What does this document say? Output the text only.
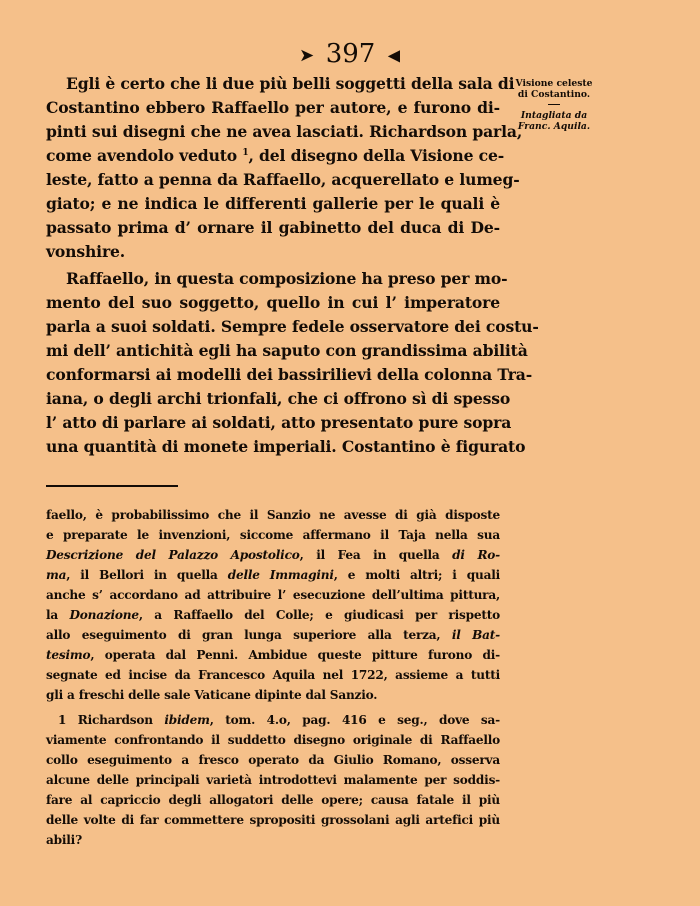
➤ 397 ◀
Visione celeste
di Costantino.
Intagliata da
Franc. Aquila.
Egli è certo che li due più belli soggetti della sala di
Costantino ebbero Raffaello per autore, e furono di-
pinti sui disegni che ne avea lasciati. Richardson parla,
come avendolo veduto $^1$, del disegno della Visione ce-
leste, fatto a penna da Raffaello, acquerellato e lumeg-
giato; e ne indica le differenti gallerie per le quali è
passato prima d’ ornare il gabinetto del duca di De-
vonshire.
Raffaello, in questa composizione ha preso per mo-
mento del suo soggetto, quello in cui l’ imperatore
parla a suoi soldati. Sempre fedele osservatore dei costu-
mi dell’ antichità egli ha saputo con grandissima abilità
conformarsi ai modelli dei bassirilievi della colonna Tra-
iana, o degli archi trionfali, che ci offrono sì di spesso
l’ atto di parlare ai soldati, atto presentato pure sopra
una quantità di monete imperiali. Costantino è figurato
faello, è probabilissimo che il Sanzio ne avesse di già disposte
e preparate le invenzioni, siccome affermano il Taja nella sua
Descrizione del Palazzo Apostolico, il Fea in quella di Ro-
ma, il Bellori in quella delle Immagini, e molti altri; i quali
anche s’ accordano ad attribuire l’ esecuzione dell’ultima pittura,
la Donazione, a Raffaello del Colle; e giudicasi per rispetto
allo eseguimento di gran lunga superiore alla terza, il Bat-
tesimo, operata dal Penni. Ambidue queste pitture furono di-
segnate ed incise da Francesco Aquila nel 1722, assieme a tutti
gli a freschi delle sale Vaticane dipinte dal Sanzio.
1 Richardson ibidem, tom. 4.o, pag. 416 e seg., dove sa-
viamente confrontando il suddetto disegno originale di Raffaello
collo eseguimento a fresco operato da Giulio Romano, osserva
alcune delle principali varietà introdottevi malamente per soddis-
fare al capriccio degli allogatori delle opere; causa fatale il più
delle volte di far commettere spropositi grossolani agli artefici più
abili?
